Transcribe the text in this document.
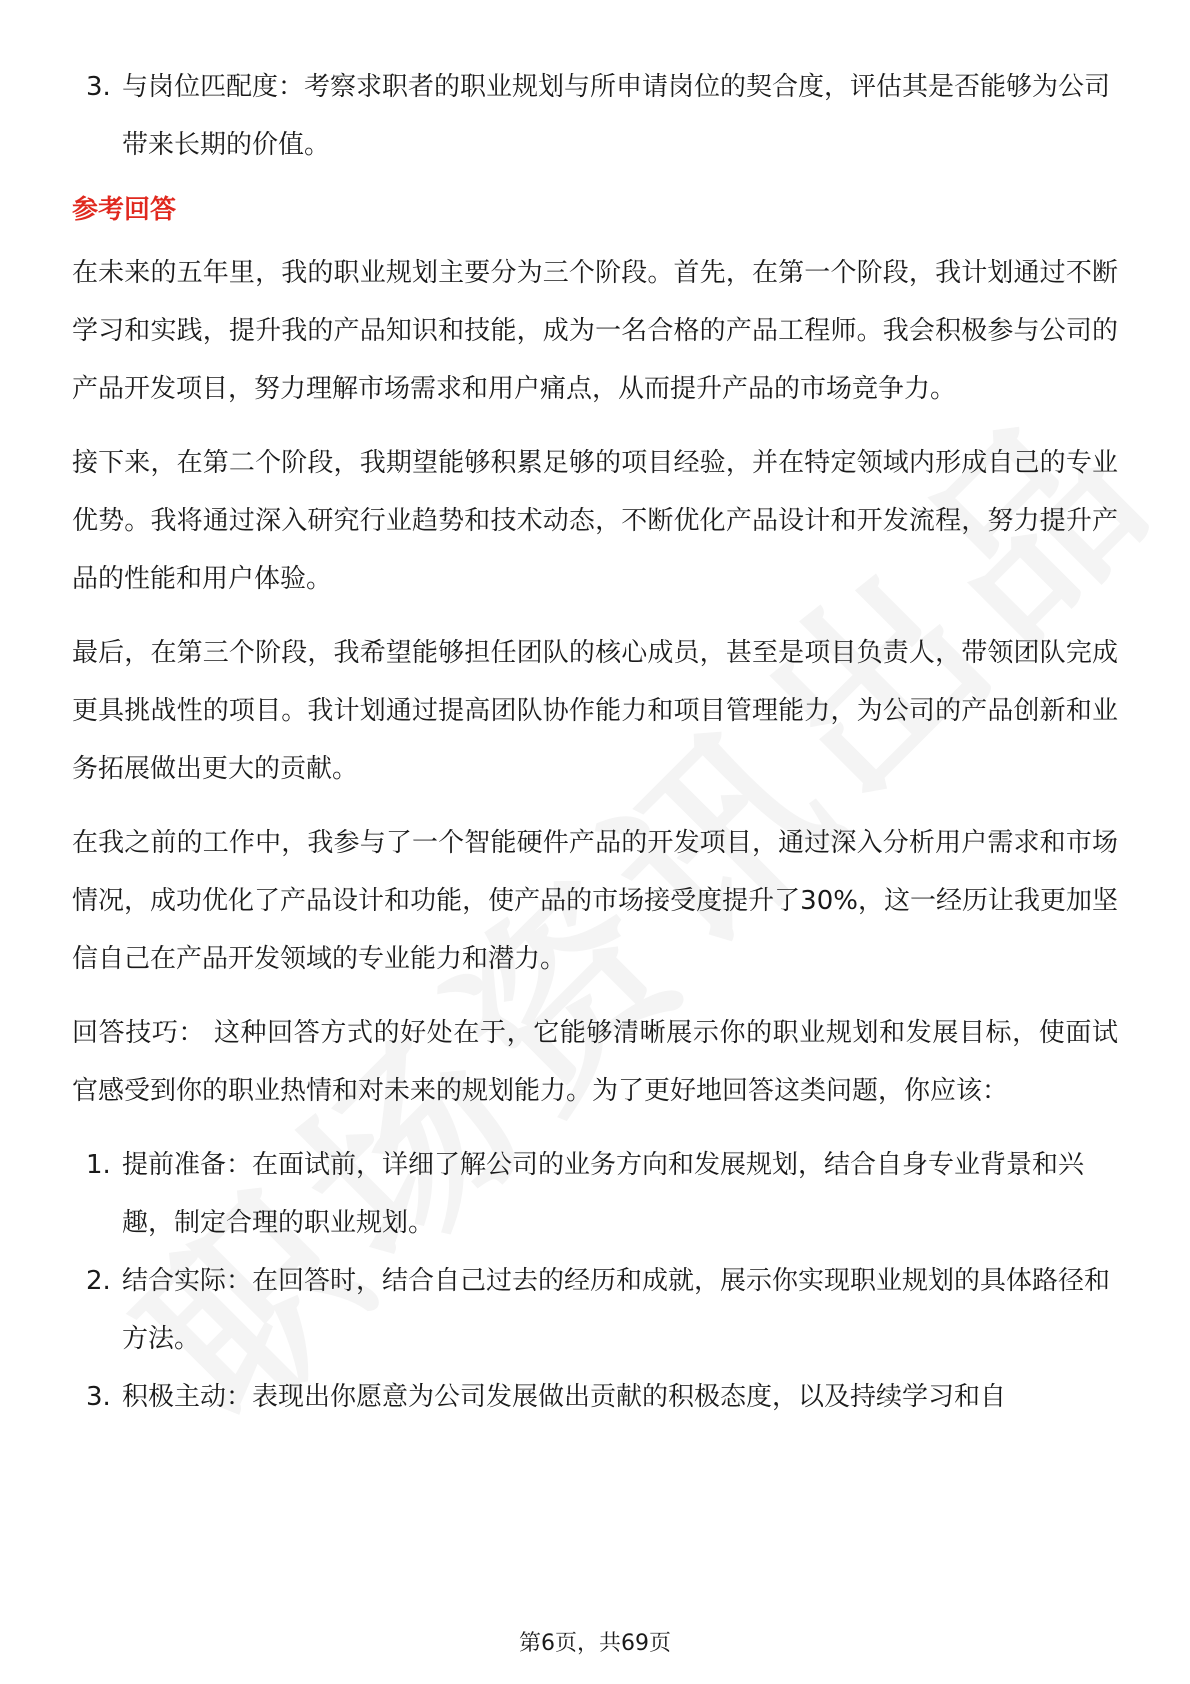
3. 与岗位匹配度：考察求职者的职业规划与所申请岗位的契合度，评估其是否能够为公司带来长期的价值。
参考回答

在未来的五年里，我的职业规划主要分为三个阶段。首先，在第一个阶段，我计划通过不断学习和实践，提升我的产品知识和技能，成为一名合格的产品工程师。我会积极参与公司的产品开发项目，努力理解市场需求和用户痛点，从而提升产品的市场竞争力。

接下来，在第二个阶段，我期望能够积累足够的项目经验，并在特定领域内形成自己的专业优势。我将通过深入研究行业趋势和技术动态，不断优化产品设计和开发流程，努力提升产品的性能和用户体验。

最后，在第三个阶段，我希望能够担任团队的核心成员，甚至是项目负责人，带领团队完成更具挑战性的项目。我计划通过提高团队协作能力和项目管理能力，为公司的产品创新和业务拓展做出更大的贡献。

在我之前的工作中，我参与了一个智能硬件产品的开发项目，通过深入分析用户需求和市场情况，成功优化了产品设计和功能，使产品的市场接受度提升了30%，这一经历让我更加坚信自己在产品开发领域的专业能力和潜力。

回答技巧： 这种回答方式的好处在于，它能够清晰展示你的职业规划和发展目标，使面试官感受到你的职业热情和对未来的规划能力。为了更好地回答这类问题，你应该：

1. 提前准备：在面试前，详细了解公司的业务方向和发展规划，结合自身专业背景和兴趣，制定合理的职业规划。
2. 结合实际：在回答时，结合自己过去的经历和成就，展示你实现职业规划的具体路径和方法。
3. 积极主动：表现出你愿意为公司发展做出贡献的积极态度，以及持续学习和自
第6页，共69页
